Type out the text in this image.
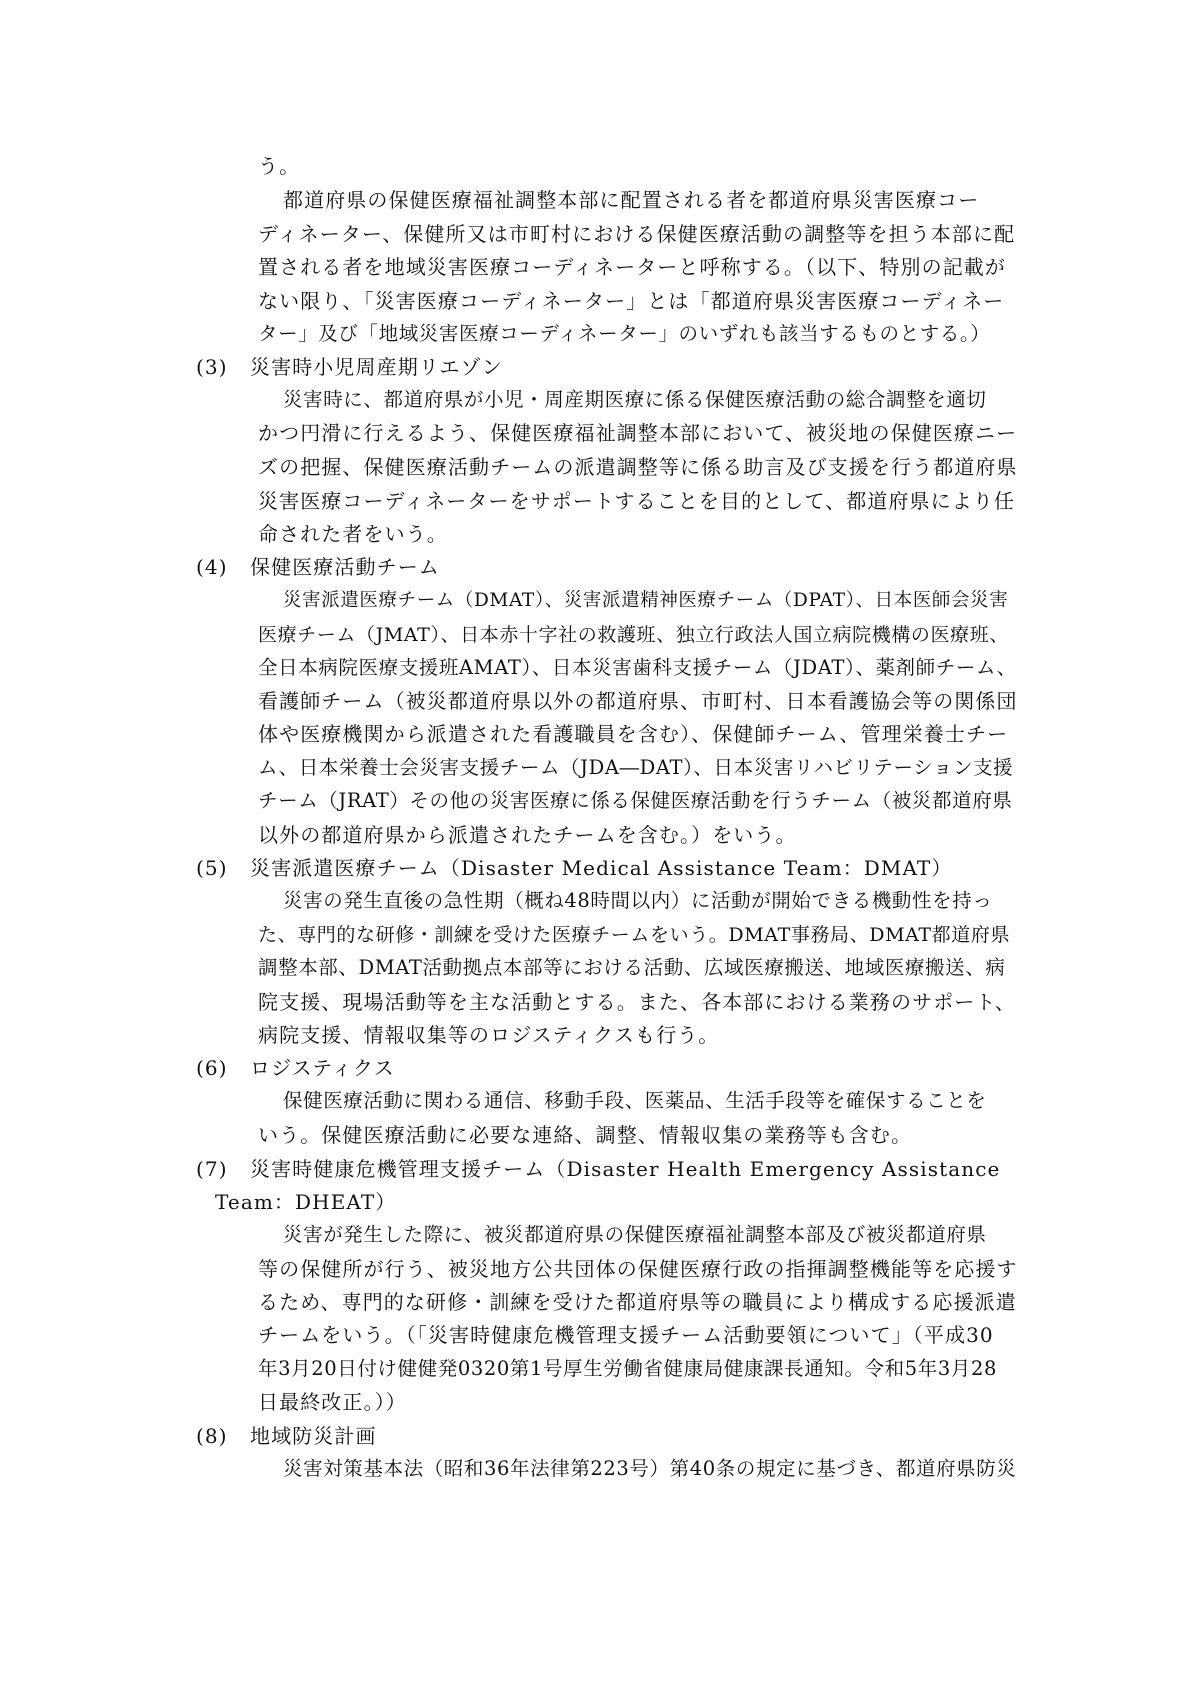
う。
都道府県の保健医療福祉調整本部に配置される者を都道府県災害医療コー
ディネーター、保健所又は市町村における保健医療活動の調整等を担う本部に配
置される者を地域災害医療コーディネーターと呼称する。（以下、特別の記載が
ない限り、「災害医療コーディネーター」とは「都道府県災害医療コーディネー
ター」及び「地域災害医療コーディネーター」のいずれも該当するものとする。）
(3) 災害時小児周産期リエゾン
災害時に、都道府県が小児・周産期医療に係る保健医療活動の総合調整を適切
かつ円滑に行えるよう、保健医療福祉調整本部において、被災地の保健医療ニー
ズの把握、保健医療活動チームの派遣調整等に係る助言及び支援を行う都道府県
災害医療コーディネーターをサポートすることを目的として、都道府県により任
命された者をいう。
(4) 保健医療活動チーム
災害派遣医療チーム（DMAT）、災害派遣精神医療チーム（DPAT）、日本医師会災害
医療チーム（JMAT）、日本赤十字社の救護班、独立行政法人国立病院機構の医療班、
全日本病院医療支援班AMAT）、日本災害歯科支援チーム（JDAT）、薬剤師チーム、
看護師チーム（被災都道府県以外の都道府県、市町村、日本看護協会等の関係団
体や医療機関から派遣された看護職員を含む）、保健師チーム、管理栄養士チー
ム、日本栄養士会災害支援チーム（JDA―DAT）、日本災害リハビリテーション支援
チーム（JRAT）その他の災害医療に係る保健医療活動を行うチーム（被災都道府県
以外の都道府県から派遣されたチームを含む。）をいう。
(5) 災害派遣医療チーム（Disaster Medical Assistance Team：DMAT）
災害の発生直後の急性期（概ね48時間以内）に活動が開始できる機動性を持っ
た、専門的な研修・訓練を受けた医療チームをいう。DMAT事務局、DMAT都道府県
調整本部、DMAT活動拠点本部等における活動、広域医療搬送、地域医療搬送、病
院支援、現場活動等を主な活動とする。また、各本部における業務のサポート、
病院支援、情報収集等のロジスティクスも行う。
(6) ロジスティクス
保健医療活動に関わる通信、移動手段、医薬品、生活手段等を確保することを
いう。保健医療活動に必要な連絡、調整、情報収集の業務等も含む。
(7) 災害時健康危機管理支援チーム（Disaster Health Emergency Assistance
Team：DHEAT）
災害が発生した際に、被災都道府県の保健医療福祉調整本部及び被災都道府県
等の保健所が行う、被災地方公共団体の保健医療行政の指揮調整機能等を応援す
るため、専門的な研修・訓練を受けた都道府県等の職員により構成する応援派遣
チームをいう。（「災害時健康危機管理支援チーム活動要領について」（平成30
年3月20日付け健健発0320第1号厚生労働省健康局健康課長通知。令和5年3月28
日最終改正。））
(8) 地域防災計画
災害対策基本法（昭和36年法律第223号）第40条の規定に基づき、都道府県防災
